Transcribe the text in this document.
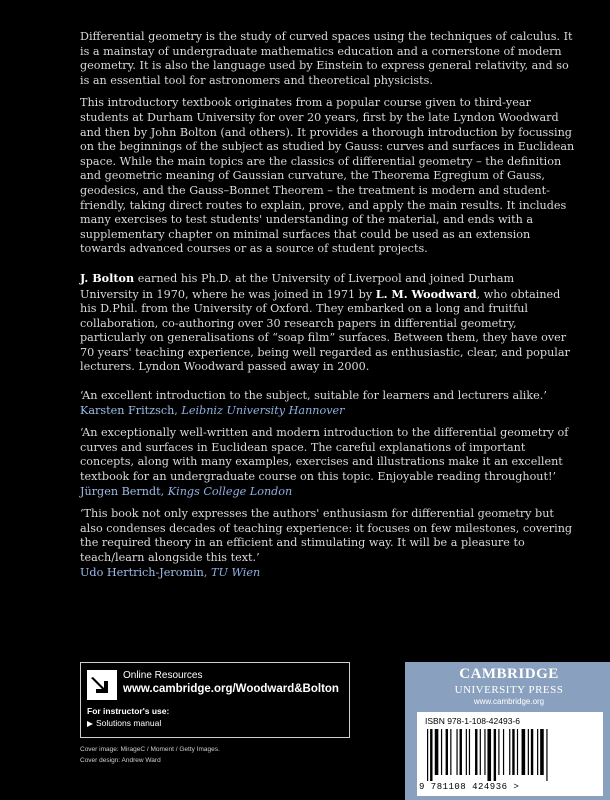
Differential geometry is the study of curved spaces using the techniques of calculus. It is a mainstay of undergraduate mathematics education and a cornerstone of modern geometry. It is also the language used by Einstein to express general relativity, and so is an essential tool for astronomers and theoretical physicists.

This introductory textbook originates from a popular course given to third-year students at Durham University for over 20 years, first by the late Lyndon Woodward and then by John Bolton (and others). It provides a thorough introduction by focussing on the beginnings of the subject as studied by Gauss: curves and surfaces in Euclidean space. While the main topics are the classics of differential geometry – the definition and geometric meaning of Gaussian curvature, the Theorema Egregium of Gauss, geodesics, and the Gauss–Bonnet Theorem – the treatment is modern and student-friendly, taking direct routes to explain, prove, and apply the main results. It includes many exercises to test students' understanding of the material, and ends with a supplementary chapter on minimal surfaces that could be used as an extension towards advanced courses or as a source of student projects.

J. Bolton earned his Ph.D. at the University of Liverpool and joined Durham University in 1970, where he was joined in 1971 by L. M. Woodward, who obtained his D.Phil. from the University of Oxford. They embarked on a long and fruitful collaboration, co-authoring over 30 research papers in differential geometry, particularly on generalisations of “soap film” surfaces. Between them, they have over 70 years' teaching experience, being well regarded as enthusiastic, clear, and popular lecturers. Lyndon Woodward passed away in 2000.

‘An excellent introduction to the subject, suitable for learners and lecturers alike.’
Karsten Fritzsch, Leibniz University Hannover

‘An exceptionally well-written and modern introduction to the differential geometry of curves and surfaces in Euclidean space. The careful explanations of important concepts, along with many examples, exercises and illustrations make it an excellent textbook for an undergraduate course on this topic. Enjoyable reading throughout!’
Jürgen Berndt, Kings College London

‘This book not only expresses the authors' enthusiasm for differential geometry but also condenses decades of teaching experience: it focuses on few milestones, covering the required theory in an efficient and stimulating way. It will be a pleasure to teach/learn alongside this text.’
Udo Hertrich-Jeromin, TU Wien

Online Resources
www.cambridge.org/Woodward&Bolton
For instructor's use:
Solutions manual
Cover image: MirageC / Moment / Getty Images.
Cover design: Andrew Ward
CAMBRIDGE
UNIVERSITY PRESS
www.cambridge.org
ISBN 978-1-108-42493-6
9 781108 424936 >
